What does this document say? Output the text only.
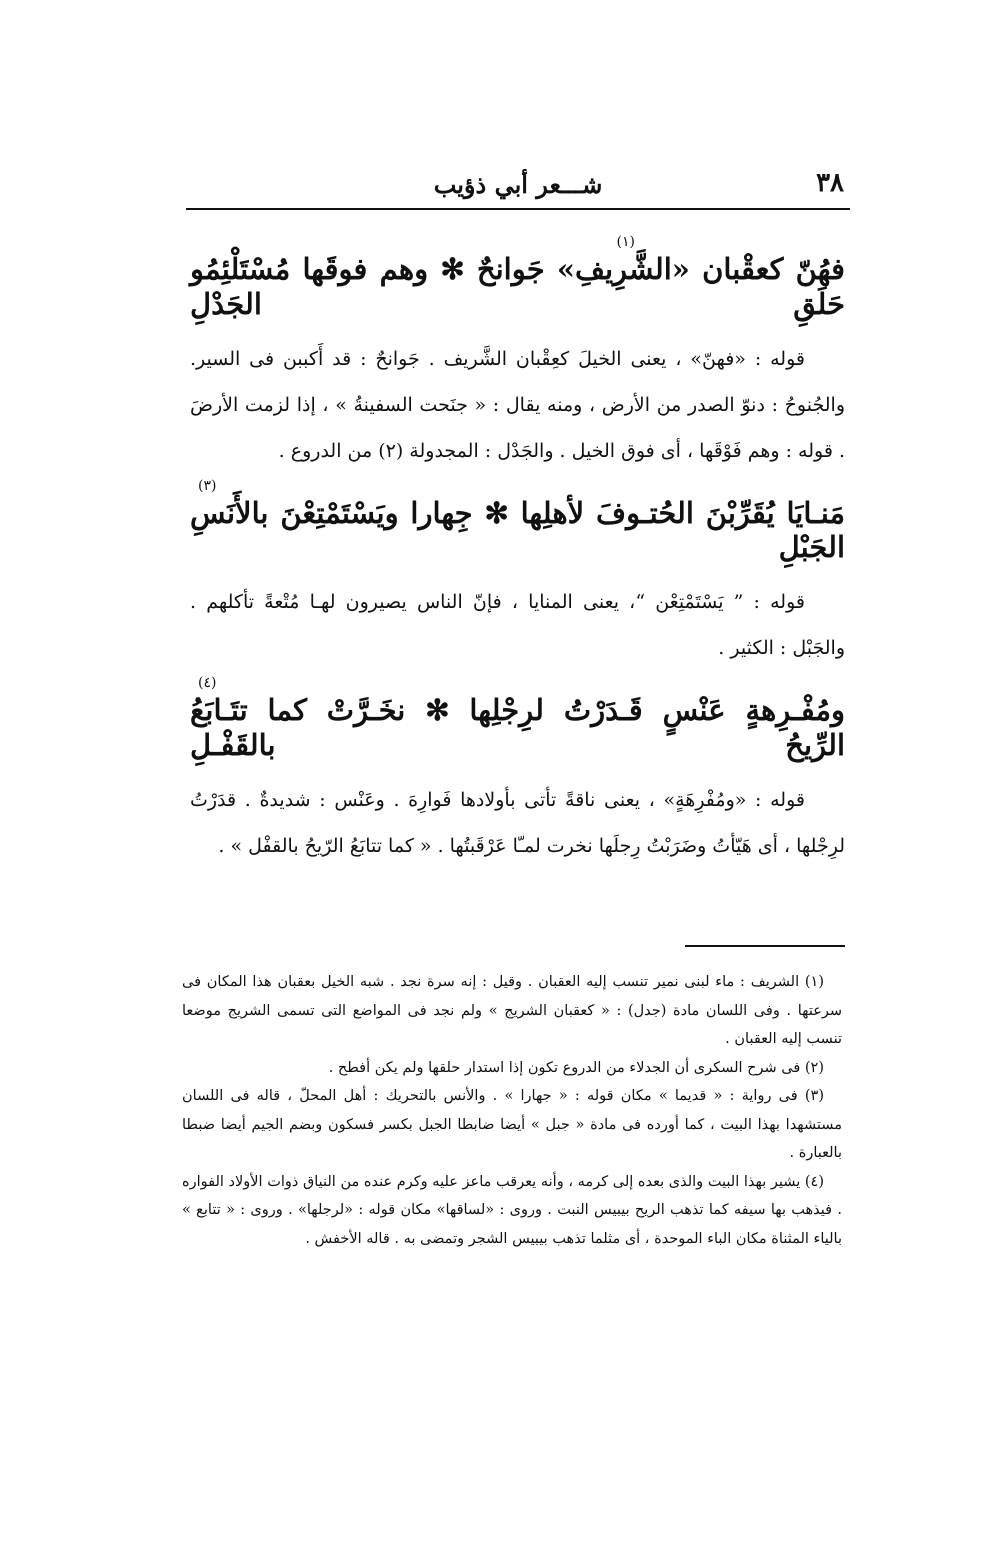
٣٨
شـــعر أبي ذؤيب
فهُنّ كعقْبان «الشَّرِيفِ» جَوانحٌ ✻ وهم فوقَها مُسْتَلْئِمُو حَلَقِ الجَدْلِ
(١)

قوله : «فهنّ» ، يعنى الخيلَ كعِقْبان الشَّريف . جَوانحٌ : قد أَكببن فى السير. والجُنوحُ : دنوّ الصدر من الأرض ، ومنه يقال : « جنَحت السفينةُ » ، إذا لزمت الأرضَ . قوله : وهم فَوْقَها ، أى فوق الخيل . والجَدْل : المجدولة (٢) من الدروع .

مَنـايَا يُقَرِّبْنَ الحُتـوفَ لأهلِها ✻ جِهارا ويَسْتَمْتِعْنَ بالأَنَسِ الجَبْلِ
(٣)

قوله : ” يَسْتَمْتِعْن “، يعنى المنايا ، فإنّ الناس يصيرون لهـا مُتْعةً تأكلهم . والجَبْل : الكثير .

ومُفْـرِهةٍ عَنْسٍ قَـدَرْتُ لرِجْلِها ✻ نخَـرَّتْ كما تتَـابَعُ الرِّيحُ بالقَفْـلِ
(٤)

قوله : «ومُفْرِهَةٍ» ، يعنى ناقةً تأتى بأولادها فَوارِهَ . وعَنْس : شديدةٌ . قدَرْتُ لرِجْلها ، أى هَيّأتُ وضَرَبْتُ رِجلَها نخرت لمـّا عَرْقَبتُها . « كما تتابَعُ الرّيحُ بالقفْل » .

(١) الشريف : ماء لبنى نمير تنسب إليه العقبان . وقيل : إنه سرة نجد . شبه الخيل بعقبان هذا المكان فى سرعتها . وفى اللسان مادة (جدل) : « كعقبان الشريج » ولم نجد فى المواضع التى تسمى الشريج موضعا تنسب إليه العقبان .

(٢) فى شرح السكرى أن الجدلاء من الدروع تكون إذا استدار حلقها ولم يكن أفطح .

(٣) فى رواية : « قديما » مكان قوله : « جهارا » . والأنس بالتحريك : أهل المحلّ ، قاله فى اللسان مستشهدا بهذا البيت ، كما أورده فى مادة « جبل » أيضا ضابطا الجبل بكسر فسكون وبضم الجيم أيضا ضبطا بالعبارة .

(٤) يشير بهذا البيت والذى بعده إلى كرمه ، وأنه يعرقب ماعز عليه وكرم عنده من النياق ذوات الأولاد الفواره . فيذهب بها سيفه كما تذهب الريح بيبيس النبت . وروى : «لساقها» مكان قوله : «لرجلها» . وروى : « تتابع » بالياء المثناة مكان الباء الموحدة ، أى مثلما تذهب بيبيس الشجر وتمضى به . قاله الأخفش .
